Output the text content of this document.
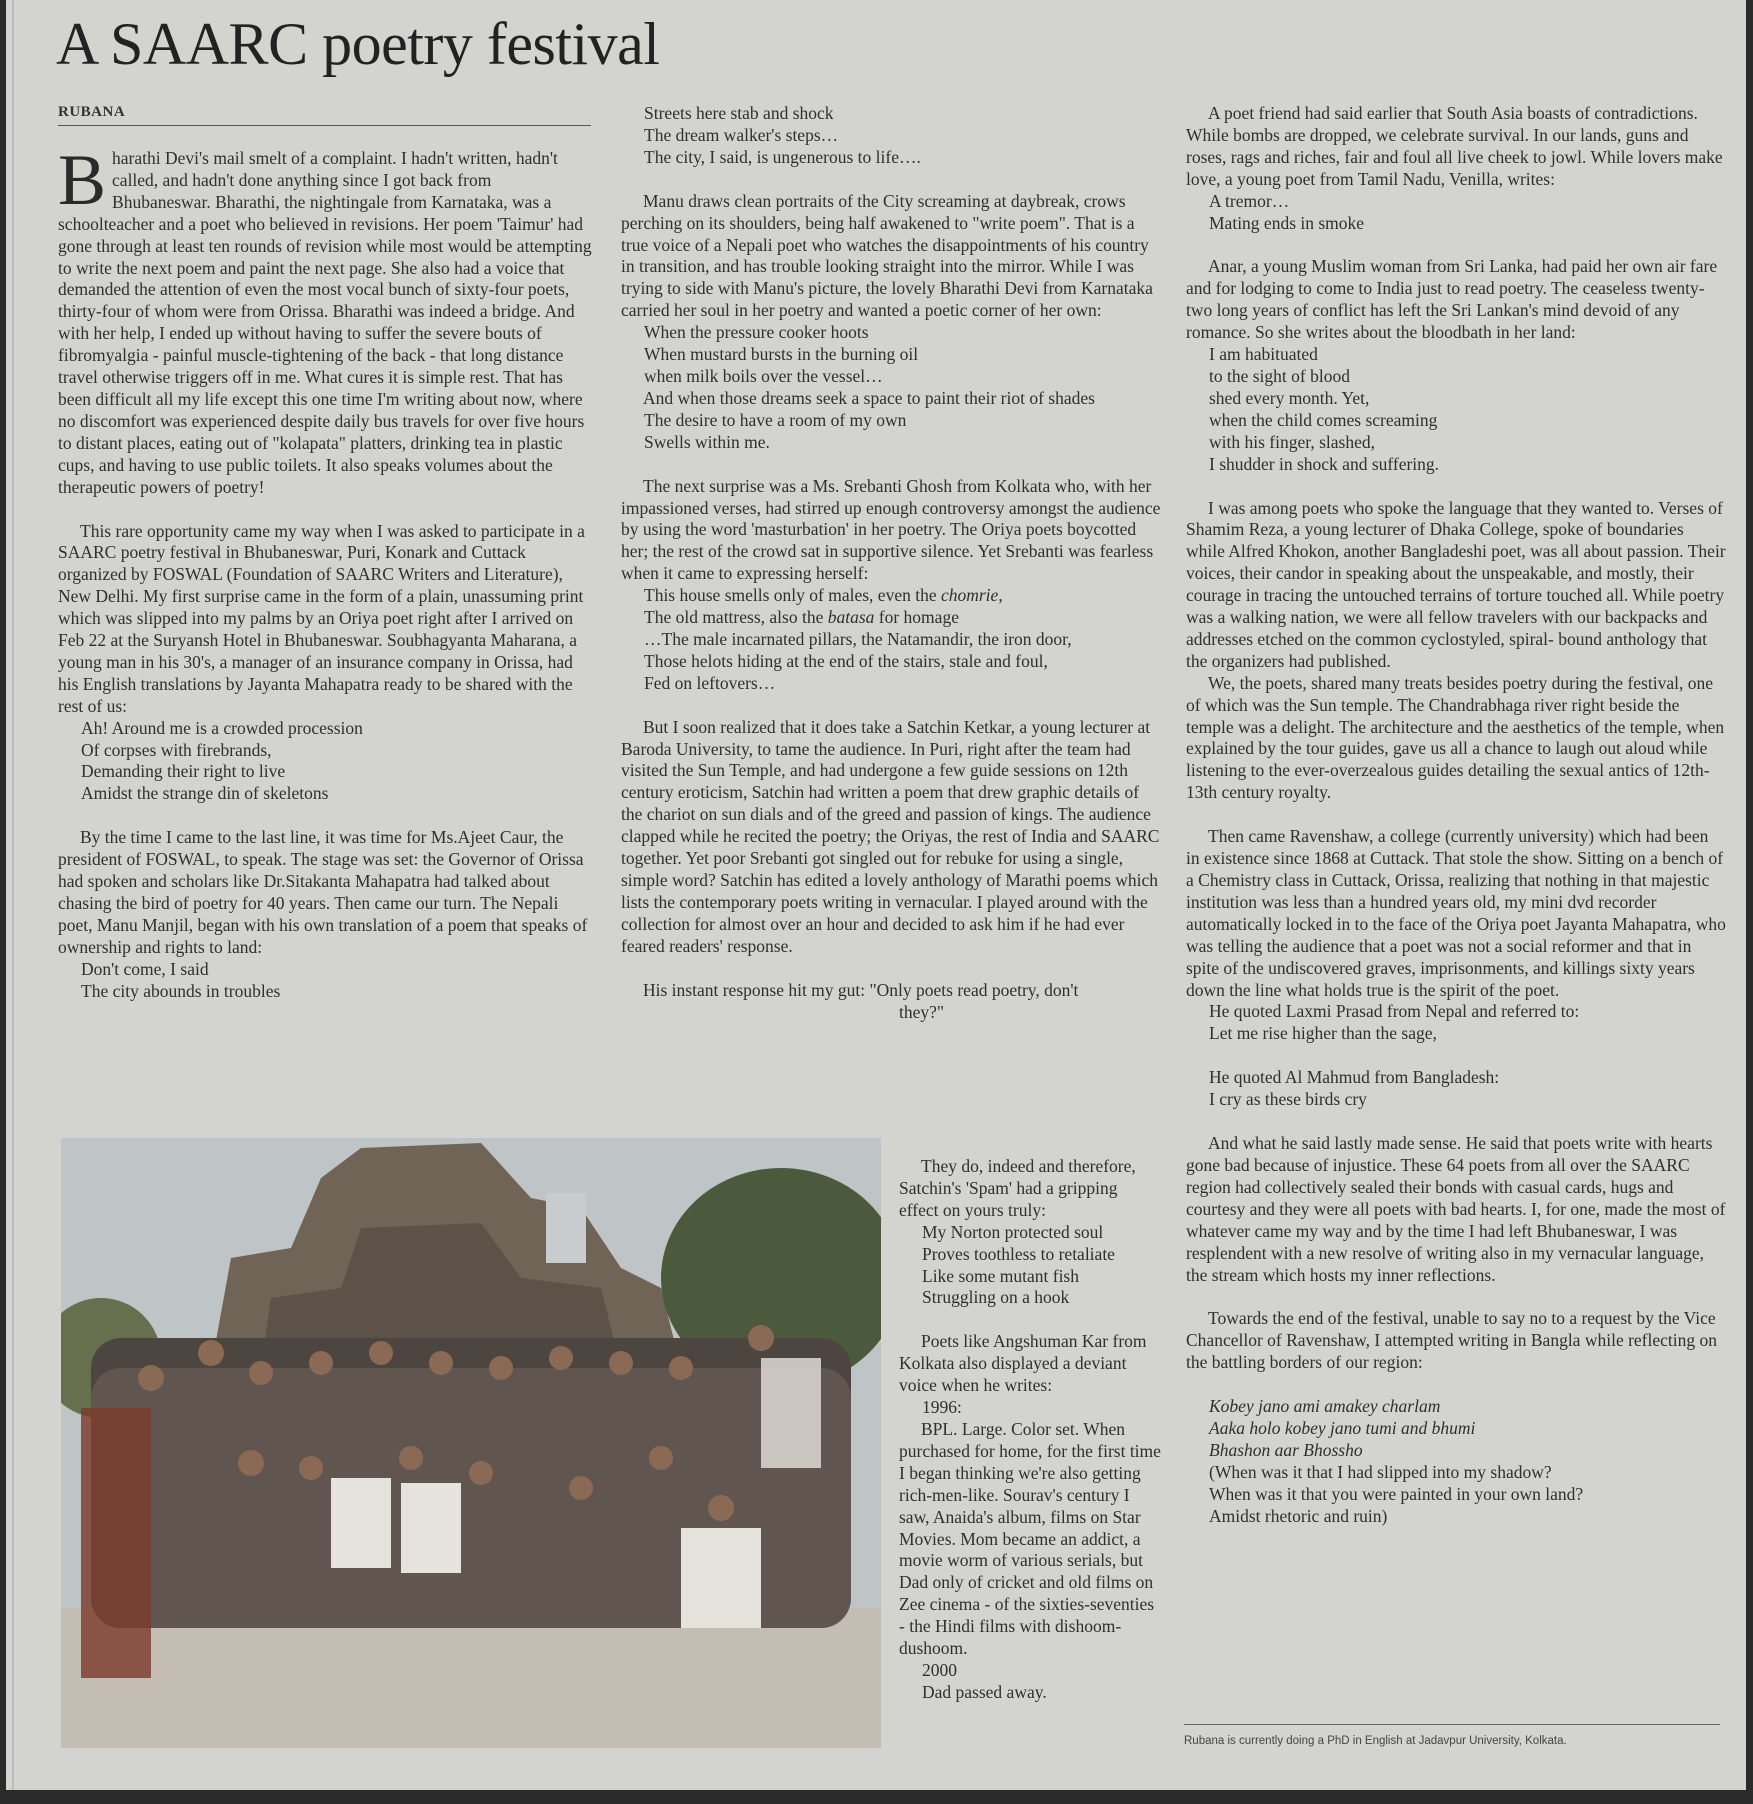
A SAARC poetry festival
RUBANA

Bharathi Devi's mail smelt of a complaint. I hadn't written, hadn't called, and hadn't done anything since I got back from Bhubaneswar. Bharathi, the nightingale from Karnataka, was a schoolteacher and a poet who believed in revisions. Her poem 'Taimur' had gone through at least ten rounds of revision while most would be attempting to write the next poem and paint the next page. She also had a voice that demanded the attention of even the most vocal bunch of sixty-four poets, thirty-four of whom were from Orissa. Bharathi was indeed a bridge. And with her help, I ended up without having to suffer the severe bouts of fibromyalgia - painful muscle-tightening of the back - that long distance travel otherwise triggers off in me. What cures it is simple rest. That has been difficult all my life except this one time I'm writing about now, where no discomfort was experienced despite daily bus travels for over five hours to distant places, eating out of "kolapata" platters, drinking tea in plastic cups, and having to use public toilets. It also speaks volumes about the therapeutic powers of poetry!

This rare opportunity came my way when I was asked to participate in a SAARC poetry festival in Bhubaneswar, Puri, Konark and Cuttack organized by FOSWAL (Foundation of SAARC Writers and Literature), New Delhi. My first surprise came in the form of a plain, unassuming print which was slipped into my palms by an Oriya poet right after I arrived on Feb 22 at the Suryansh Hotel in Bhubaneswar. Soubhagyanta Maharana, a young man in his 30's, a manager of an insurance company in Orissa, had his English translations by Jayanta Mahapatra ready to be shared with the rest of us:

Ah! Around me is a crowded procession
Of corpses with firebrands,
Demanding their right to live
Amidst the strange din of skeletons

By the time I came to the last line, it was time for Ms.Ajeet Caur, the president of FOSWAL, to speak. The stage was set: the Governor of Orissa had spoken and scholars like Dr.Sitakanta Mahapatra had talked about chasing the bird of poetry for 40 years. Then came our turn. The Nepali poet, Manu Manjil, began with his own translation of a poem that speaks of ownership and rights to land:

Don't come, I said
The city abounds in troubles
Streets here stab and shock
The dream walker's steps…
The city, I said, is ungenerous to life….

Manu draws clean portraits of the City screaming at daybreak, crows perching on its shoulders, being half awakened to "write poem". That is a true voice of a Nepali poet who watches the disappointments of his country in transition, and has trouble looking straight into the mirror. While I was trying to side with Manu's picture, the lovely Bharathi Devi from Karnataka carried her soul in her poetry and wanted a poetic corner of her own:

When the pressure cooker hoots
When mustard bursts in the burning oil
when milk boils over the vessel…

And when those dreams seek a space to paint their riot of shades

The desire to have a room of my own
Swells within me.

The next surprise was a Ms. Srebanti Ghosh from Kolkata who, with her impassioned verses, had stirred up enough controversy amongst the audience by using the word 'masturbation' in her poetry. The Oriya poets boycotted her; the rest of the crowd sat in supportive silence. Yet Srebanti was fearless when it came to expressing herself:

This house smells only of males, even the chomrie,
The old mattress, also the batasa for homage
…The male incarnated pillars, the Natamandir, the iron door,
Those helots hiding at the end of the stairs, stale and foul,
Fed on leftovers…

But I soon realized that it does take a Satchin Ketkar, a young lecturer at Baroda University, to tame the audience. In Puri, right after the team had visited the Sun Temple, and had undergone a few guide sessions on 12th century eroticism, Satchin had written a poem that drew graphic details of the chariot on sun dials and of the greed and passion of kings. The audience clapped while he recited the poetry; the Oriyas, the rest of India and SAARC together. Yet poor Srebanti got singled out for rebuke for using a single, simple word? Satchin has edited a lovely anthology of Marathi poems which lists the contemporary poets writing in vernacular. I played around with the collection for almost over an hour and decided to ask him if he had ever feared readers' response.

His instant response hit my gut: "Only poets read poetry, don't

they?"

They do, indeed and therefore, Satchin's 'Spam' had a gripping effect on yours truly:

My Norton protected soul
Proves toothless to retaliate
Like some mutant fish
Struggling on a hook

Poets like Angshuman Kar from Kolkata also displayed a deviant voice when he writes:

1996:

BPL. Large. Color set. When purchased for home, for the first time I began thinking we're also getting rich-men-like. Sourav's century I saw, Anaida's album, films on Star Movies. Mom became an addict, a movie worm of various serials, but Dad only of cricket and old films on Zee cinema - of the sixties-seventies - the Hindi films with dishoom-dushoom.

2000
Dad passed away.

A poet friend had said earlier that South Asia boasts of contradictions. While bombs are dropped, we celebrate survival. In our lands, guns and roses, rags and riches, fair and foul all live cheek to jowl. While lovers make love, a young poet from Tamil Nadu, Venilla, writes:

A tremor…
Mating ends in smoke

Anar, a young Muslim woman from Sri Lanka, had paid her own air fare and for lodging to come to India just to read poetry. The ceaseless twenty-two long years of conflict has left the Sri Lankan's mind devoid of any romance. So she writes about the bloodbath in her land:

I am habituated
to the sight of blood
shed every month. Yet,
when the child comes screaming
with his finger, slashed,
I shudder in shock and suffering.

I was among poets who spoke the language that they wanted to. Verses of Shamim Reza, a young lecturer of Dhaka College, spoke of boundaries while Alfred Khokon, another Bangladeshi poet, was all about passion. Their voices, their candor in speaking about the unspeakable, and mostly, their courage in tracing the untouched terrains of torture touched all. While poetry was a walking nation, we were all fellow travelers with our backpacks and addresses etched on the common cyclostyled, spiral- bound anthology that the organizers had published.

We, the poets, shared many treats besides poetry during the festival, one of which was the Sun temple. The Chandrabhaga river right beside the temple was a delight. The architecture and the aesthetics of the temple, when explained by the tour guides, gave us all a chance to laugh out aloud while listening to the ever-overzealous guides detailing the sexual antics of 12th-13th century royalty.

Then came Ravenshaw, a college (currently university) which had been in existence since 1868 at Cuttack. That stole the show. Sitting on a bench of a Chemistry class in Cuttack, Orissa, realizing that nothing in that majestic institution was less than a hundred years old, my mini dvd recorder automatically locked in to the face of the Oriya poet Jayanta Mahapatra, who was telling the audience that a poet was not a social reformer and that in spite of the undiscovered graves, imprisonments, and killings sixty years down the line what holds true is the spirit of the poet.

He quoted Laxmi Prasad from Nepal and referred to:
Let me rise higher than the sage,
He quoted Al Mahmud from Bangladesh:
I cry as these birds cry

And what he said lastly made sense. He said that poets write with hearts gone bad because of injustice. These 64 poets from all over the SAARC region had collectively sealed their bonds with casual cards, hugs and courtesy and they were all poets with bad hearts. I, for one, made the most of whatever came my way and by the time I had left Bhubaneswar, I was resplendent with a new resolve of writing also in my vernacular language, the stream which hosts my inner reflections.

Towards the end of the festival, unable to say no to a request by the Vice Chancellor of Ravenshaw, I attempted writing in Bangla while reflecting on the battling borders of our region:

Kobey jano ami amakey charlam
Aaka holo kobey jano tumi and bhumi
Bhashon aar Bhossho
(When was it that I had slipped into my shadow?
When was it that you were painted in your own land?
Amidst rhetoric and ruin)
Rubana is currently doing a PhD in English at Jadavpur University, Kolkata.
